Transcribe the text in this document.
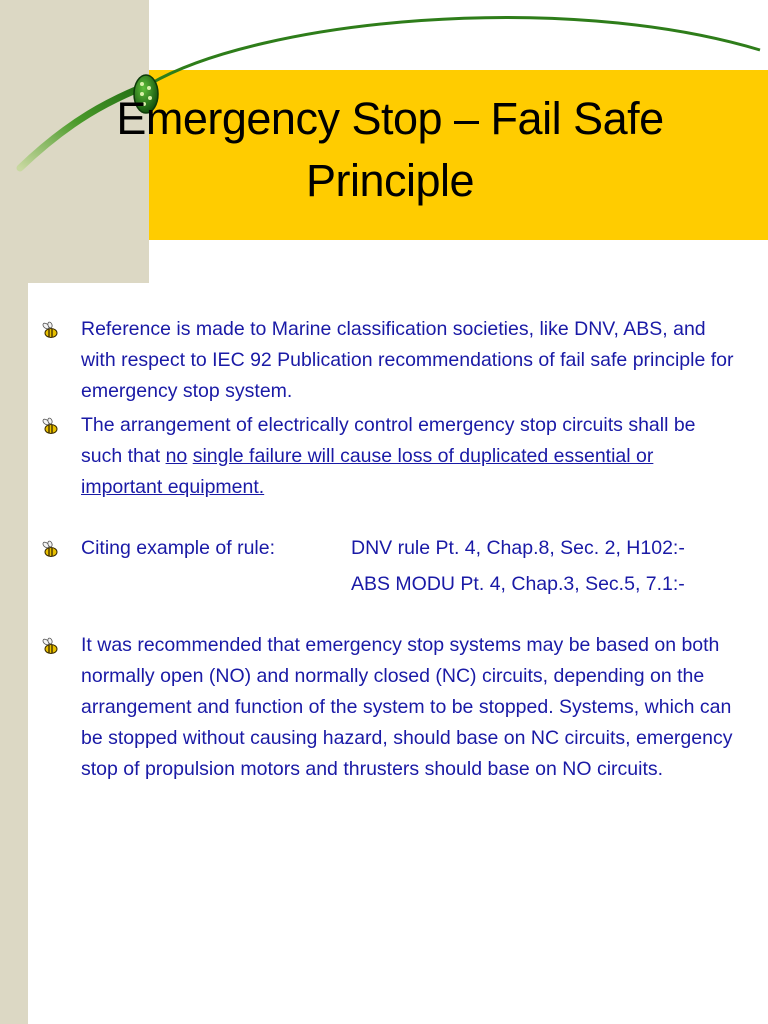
Emergency Stop – Fail Safe
Principle
Reference is made to Marine classification societies, like DNV, ABS, and with respect to IEC 92 Publication recommendations of fail safe principle for emergency stop system.
The arrangement of electrically control emergency stop circuits shall be such that no single failure will cause loss of duplicated essential or important equipment.
Citing example of rule:	DNV rule Pt. 4, Chap.8, Sec. 2, H102:-
ABS MODU Pt. 4, Chap.3, Sec.5, 7.1:-
It was recommended that emergency stop systems may be based on both normally open (NO) and normally closed (NC) circuits, depending on the arrangement and function of the system to be stopped. Systems, which can be stopped without causing hazard, should base on NC circuits, emergency stop of propulsion motors and thrusters should base on NO circuits.
